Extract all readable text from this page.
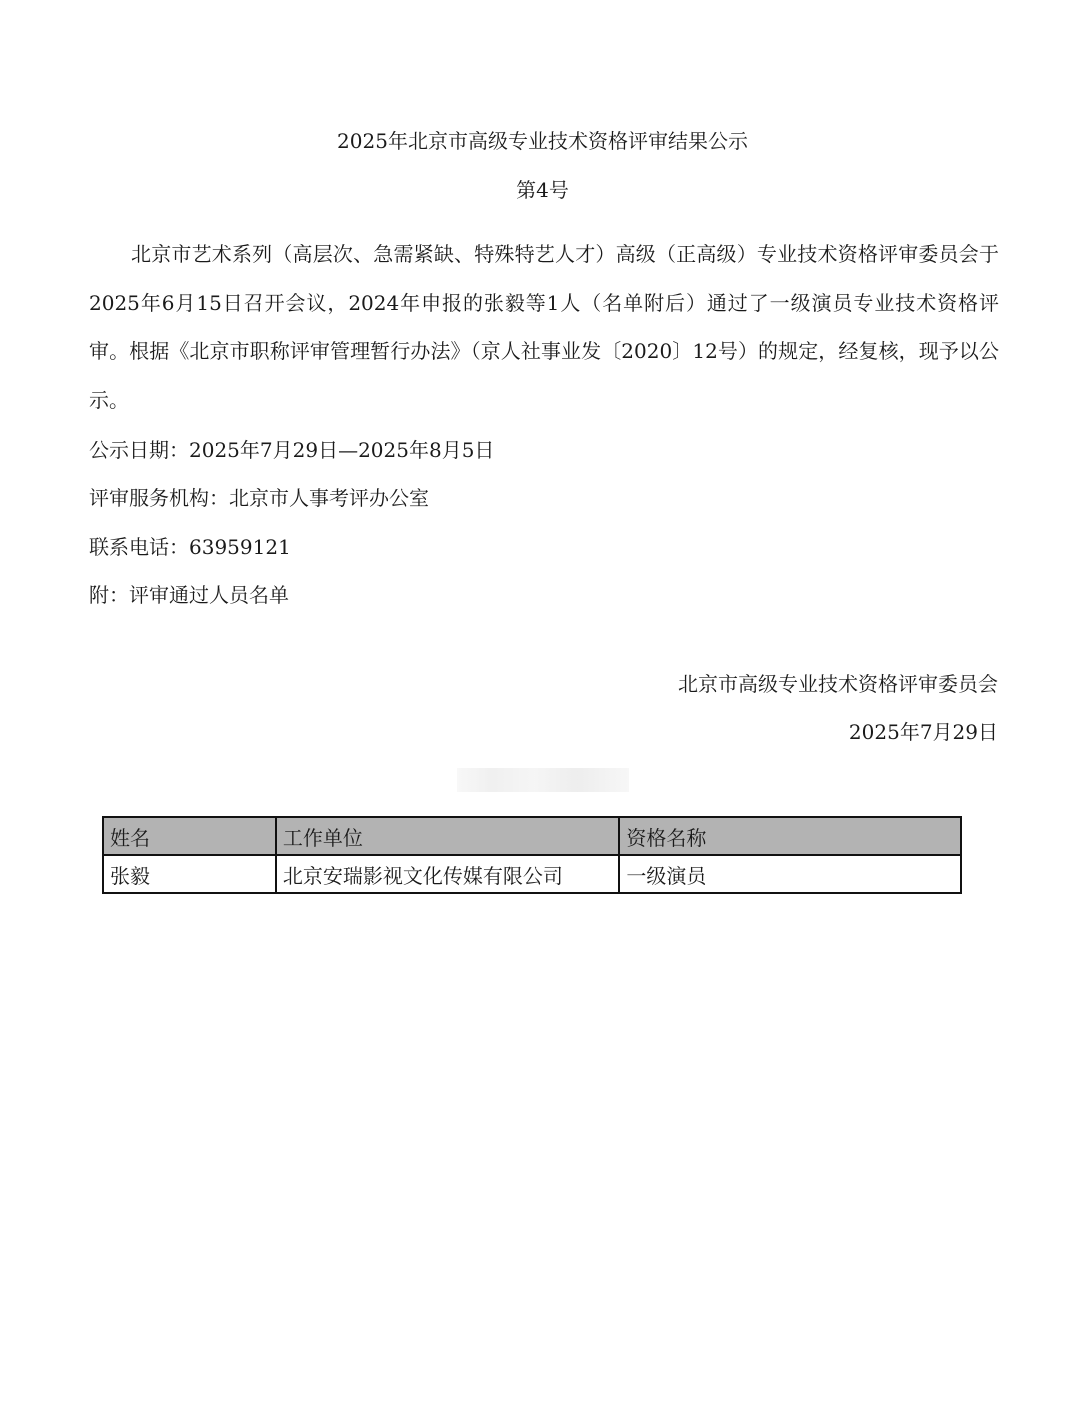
2025年北京市高级专业技术资格评审结果公示
第4号

北京市艺术系列（高层次、急需紧缺、特殊特艺人才）高级（正高级）专业技术资格评审委员会于2025年6月15日召开会议，2024年申报的张毅等1人（名单附后）通过了一级演员专业技术资格评审。根据《北京市职称评审管理暂行办法》（京人社事业发〔2020〕12号）的规定，经复核，现予以公示。

公示日期：2025年7月29日—2025年8月5日
评审服务机构：北京市人事考评办公室
联系电话：63959121
附：评审通过人员名单
北京市高级专业技术资格评审委员会
2025年7月29日
姓名	工作单位	资格名称
张毅	北京安瑞影视文化传媒有限公司	一级演员
